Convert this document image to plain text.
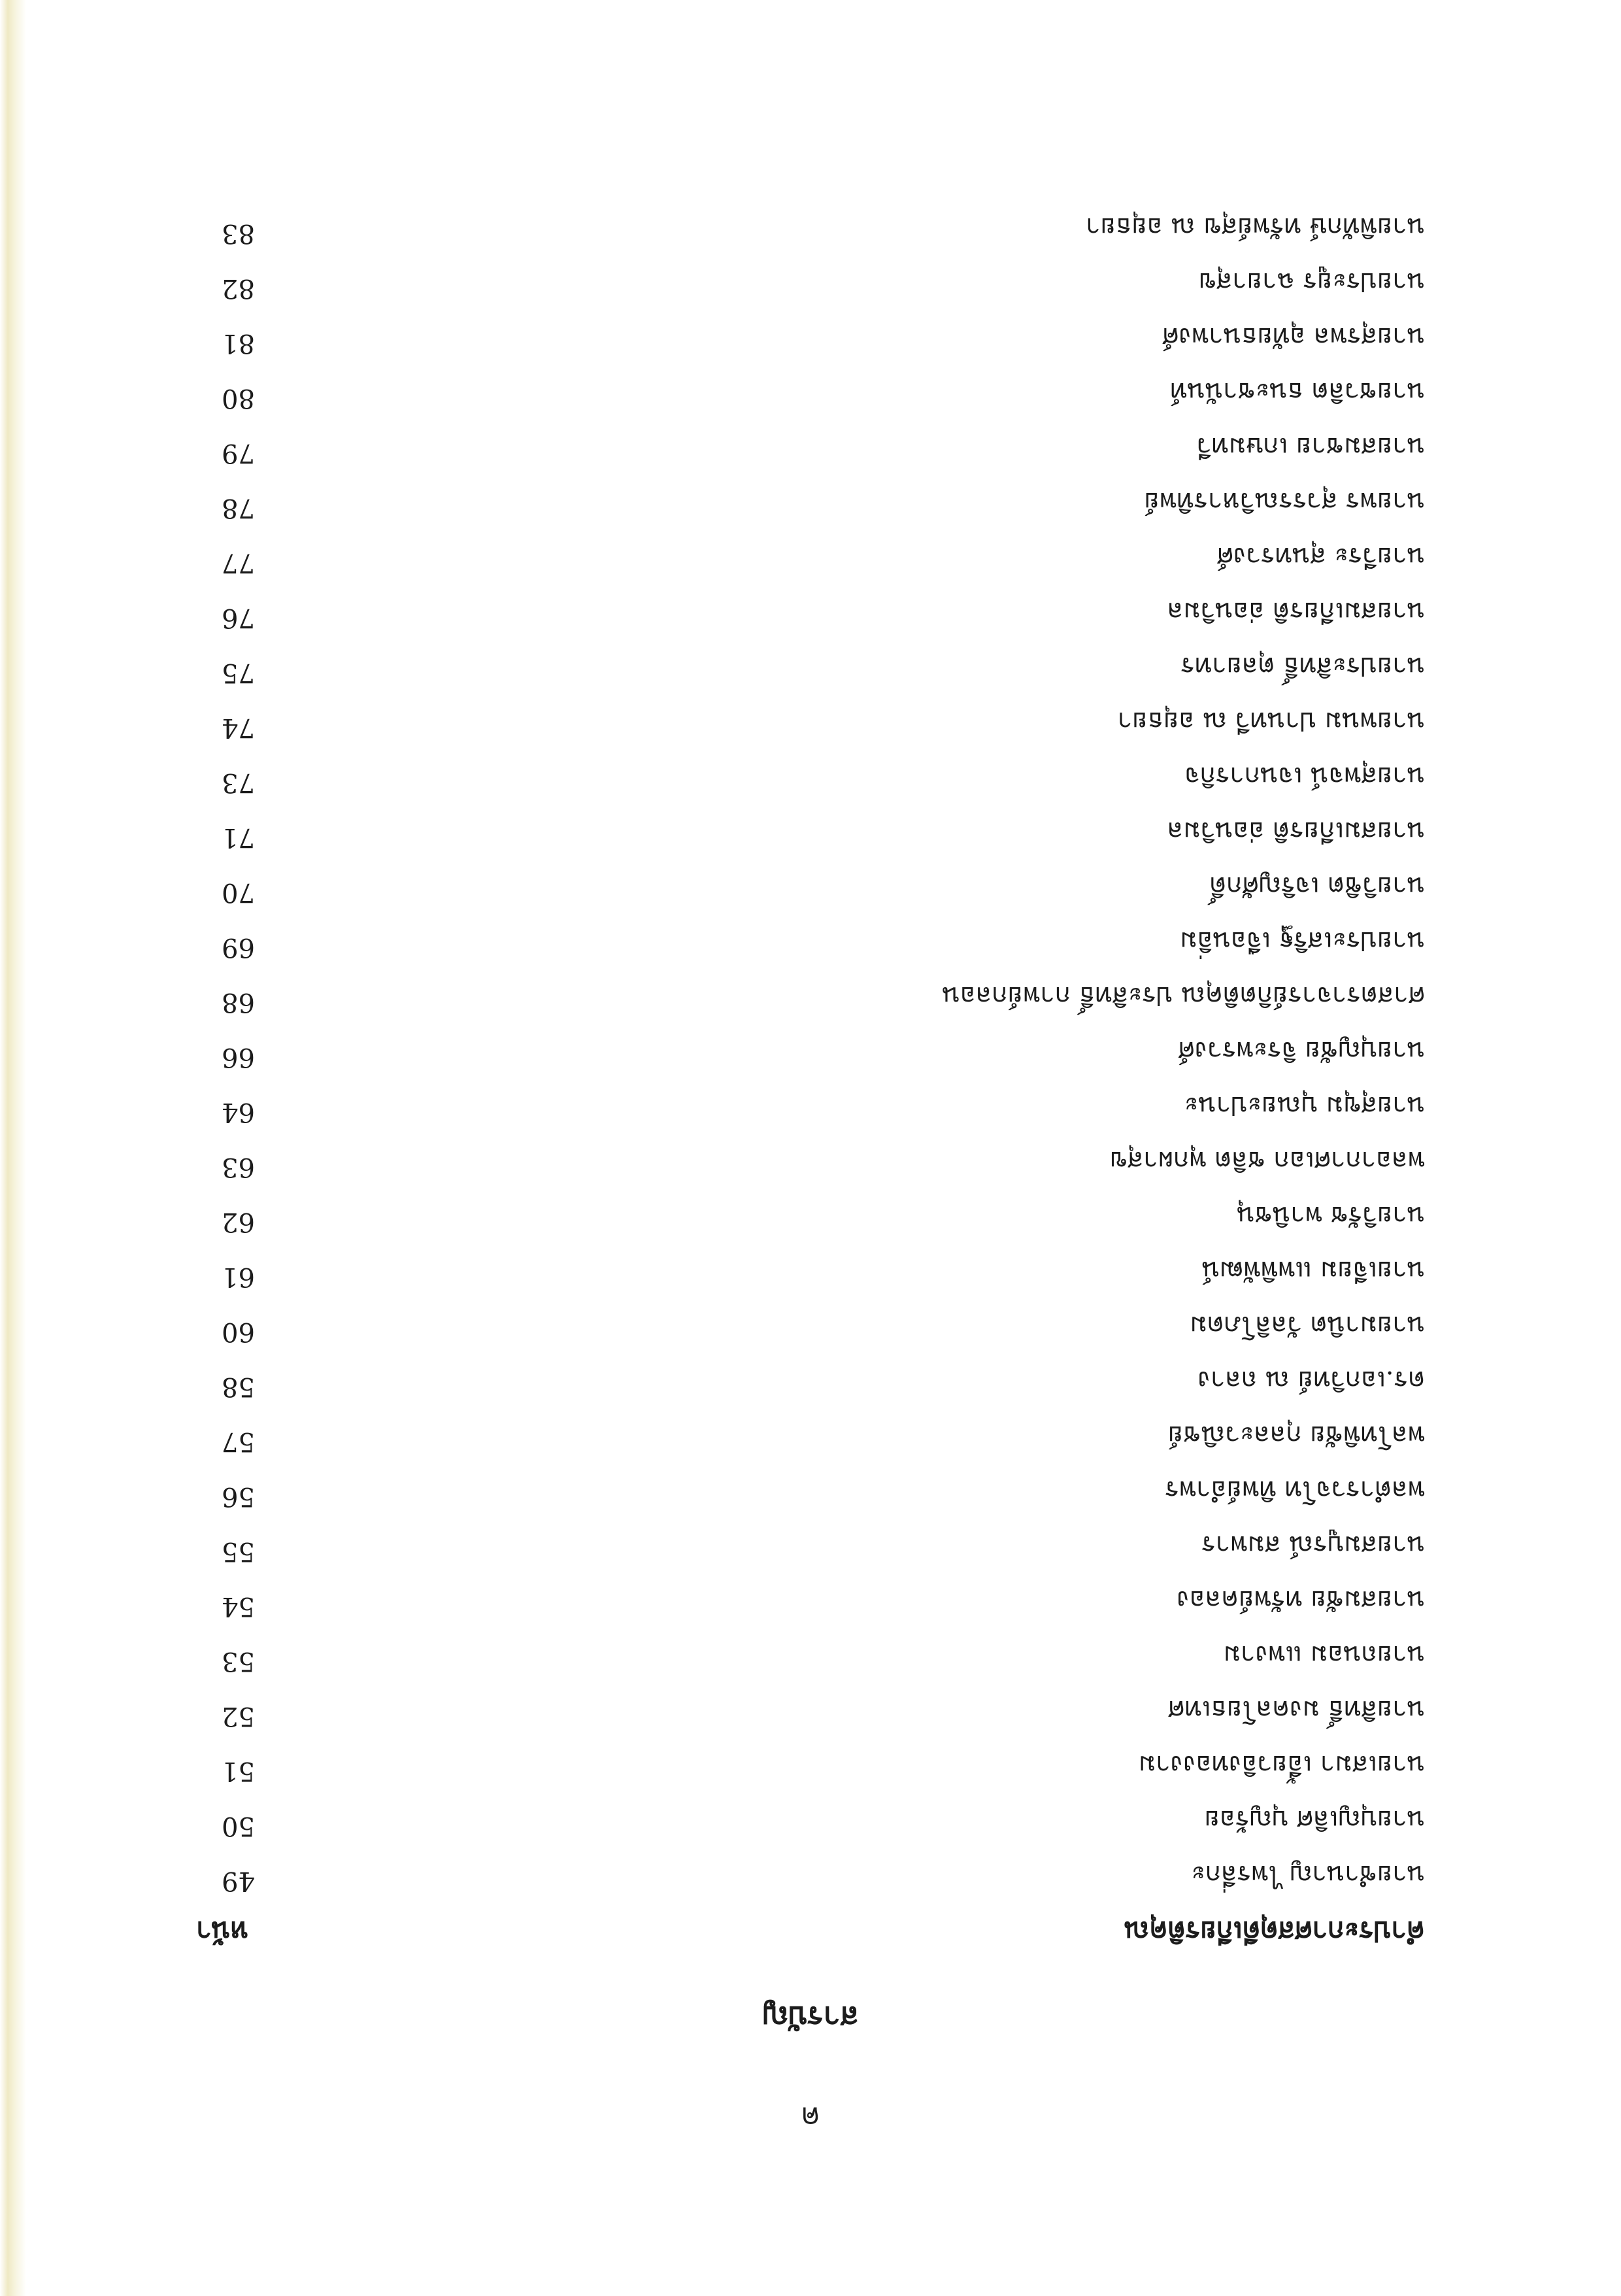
ค
สารบัญ
คำประกาศสดุดีเกียรติคุณ
หน้า
นายชำนาญ ไพรลี่กะ
49
นายบุญเลิศ บุญร้อย
50
นายเสมา เอี้ยวอิงทองงาม
51
นายสิทธิ์ มงคลโยธเทศ
52
นายถนอม แพงาม
53
นายสมชัย ทรัพย์คลอง
54
นายสมบูรณ์ สมพาร
55
พลตำรวจโท ทิพย์อำพร
56
พลโทพิชัย กุลละวณิชย์
57
ดร.เอกวิทย์ ณ ถลาง
58
นายมานิต วัลลิโภดม
60
นายเจียม แพพิพัฒน์
61
นายวิรัช พานิชนุ
62
พลอากาศเอก ชลิต พุกผาสุข
63
นายสุขุม บุณยะปานะ
64
นายบุญชัย จิระพรวงศ์
66
ศาสตราจารย์กิตติคุณ ประสิทธิ์ กาพย์กลอน
68
นายประเสริฐ เจือนอิ่ม
69
นายวิชิต เจริญศักดิ์
70
นายสมเกียรติ อ่อนวิมล
71
นายสุพจน์ เจนการกิจ
73
นายพนม ปานทวี ณ อยุธยา
74
นายประสิทธิ์ ตุลยาทร
75
นายสมเกียรติ อ่อนวิมล
76
นายวีระ สุนทรวงศ์
77
นายพร สุวรรณวิหารทิพย์
78
นายสมชาย เกษมทวี
79
นายชวลิต ธนะชานันท์
80
นายสุรพล อุทัยธนาพงศ์
81
นายประยูร ฉายาสุข
82
นายพิทักษ์ ทรัพย์สุข ณ อยุธยา
83
